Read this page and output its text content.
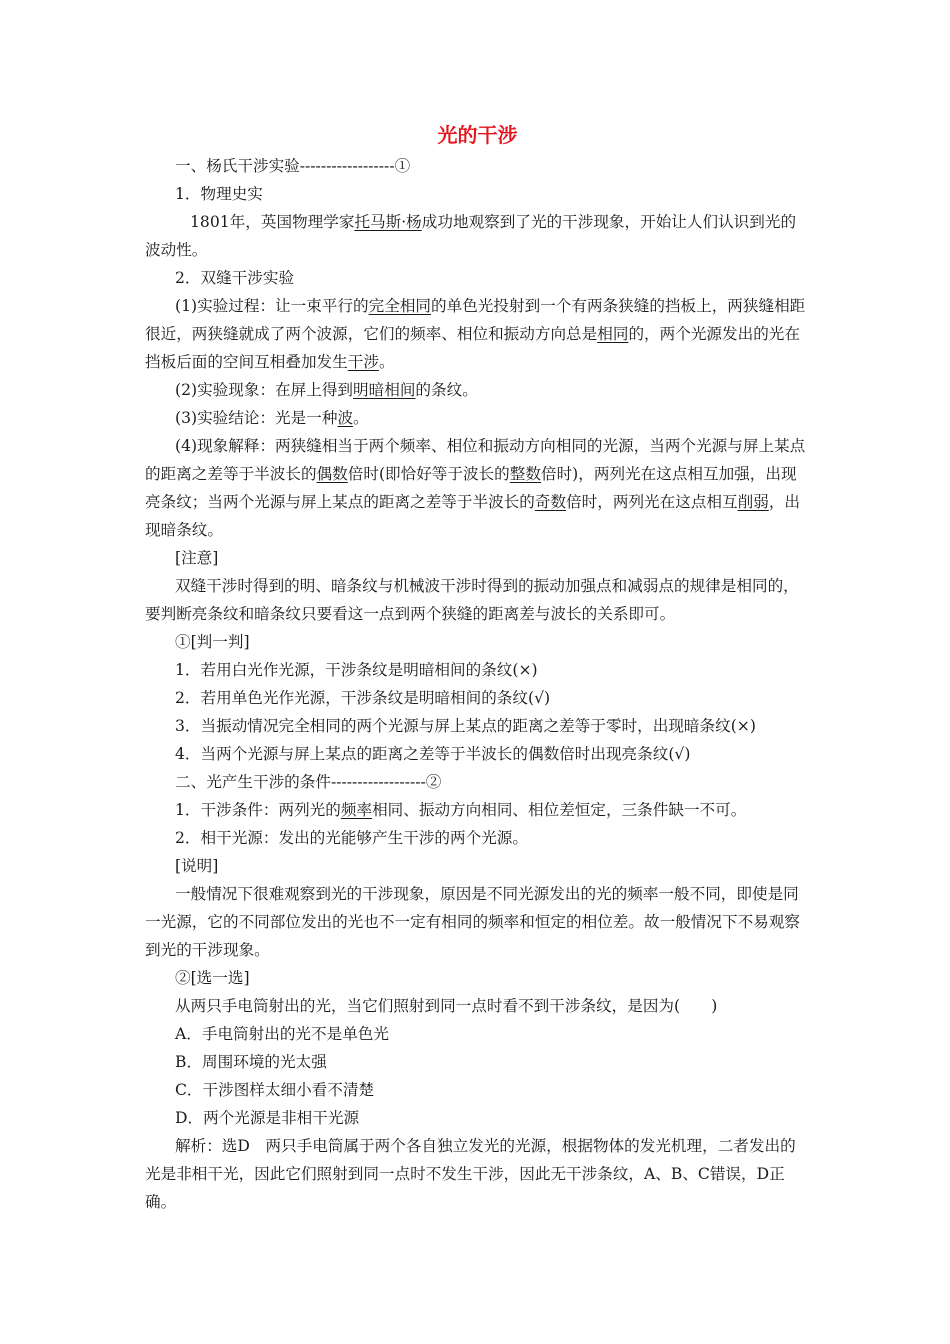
光的干涉

一、杨氏干涉实验------------------①

1．物理史实

1801年，英国物理学家托马斯·杨成功地观察到了光的干涉现象，开始让人们认识到光的波动性。

2．双缝干涉实验

(1)实验过程：让一束平行的完全相同的单色光投射到一个有两条狭缝的挡板上，两狭缝相距很近，两狭缝就成了两个波源，它们的频率、相位和振动方向总是相同的，两个光源发出的光在挡板后面的空间互相叠加发生干涉。

(2)实验现象：在屏上得到明暗相间的条纹。

(3)实验结论：光是一种波。

(4)现象解释：两狭缝相当于两个频率、相位和振动方向相同的光源，当两个光源与屏上某点的距离之差等于半波长的偶数倍时(即恰好等于波长的整数倍时)，两列光在这点相互加强，出现亮条纹；当两个光源与屏上某点的距离之差等于半波长的奇数倍时，两列光在这点相互削弱，出现暗条纹。

[注意]

双缝干涉时得到的明、暗条纹与机械波干涉时得到的振动加强点和减弱点的规律是相同的，要判断亮条纹和暗条纹只要看这一点到两个狭缝的距离差与波长的关系即可。

①[判一判]

1．若用白光作光源，干涉条纹是明暗相间的条纹(×)

2．若用单色光作光源，干涉条纹是明暗相间的条纹(√)

3．当振动情况完全相同的两个光源与屏上某点的距离之差等于零时，出现暗条纹(×)

4．当两个光源与屏上某点的距离之差等于半波长的偶数倍时出现亮条纹(√)

二、光产生干涉的条件------------------②

1．干涉条件：两列光的频率相同、振动方向相同、相位差恒定，三条件缺一不可。

2．相干光源：发出的光能够产生干涉的两个光源。

[说明]

一般情况下很难观察到光的干涉现象，原因是不同光源发出的光的频率一般不同，即使是同一光源，它的不同部位发出的光也不一定有相同的频率和恒定的相位差。故一般情况下不易观察到光的干涉现象。

②[选一选]

从两只手电筒射出的光，当它们照射到同一点时看不到干涉条纹，是因为(　　)

A．手电筒射出的光不是单色光

B．周围环境的光太强

C．干涉图样太细小看不清楚

D．两个光源是非相干光源

解析：选D　两只手电筒属于两个各自独立发光的光源，根据物体的发光机理，二者发出的光是非相干光，因此它们照射到同一点时不发生干涉，因此无干涉条纹，A、B、C错误，D正确。
